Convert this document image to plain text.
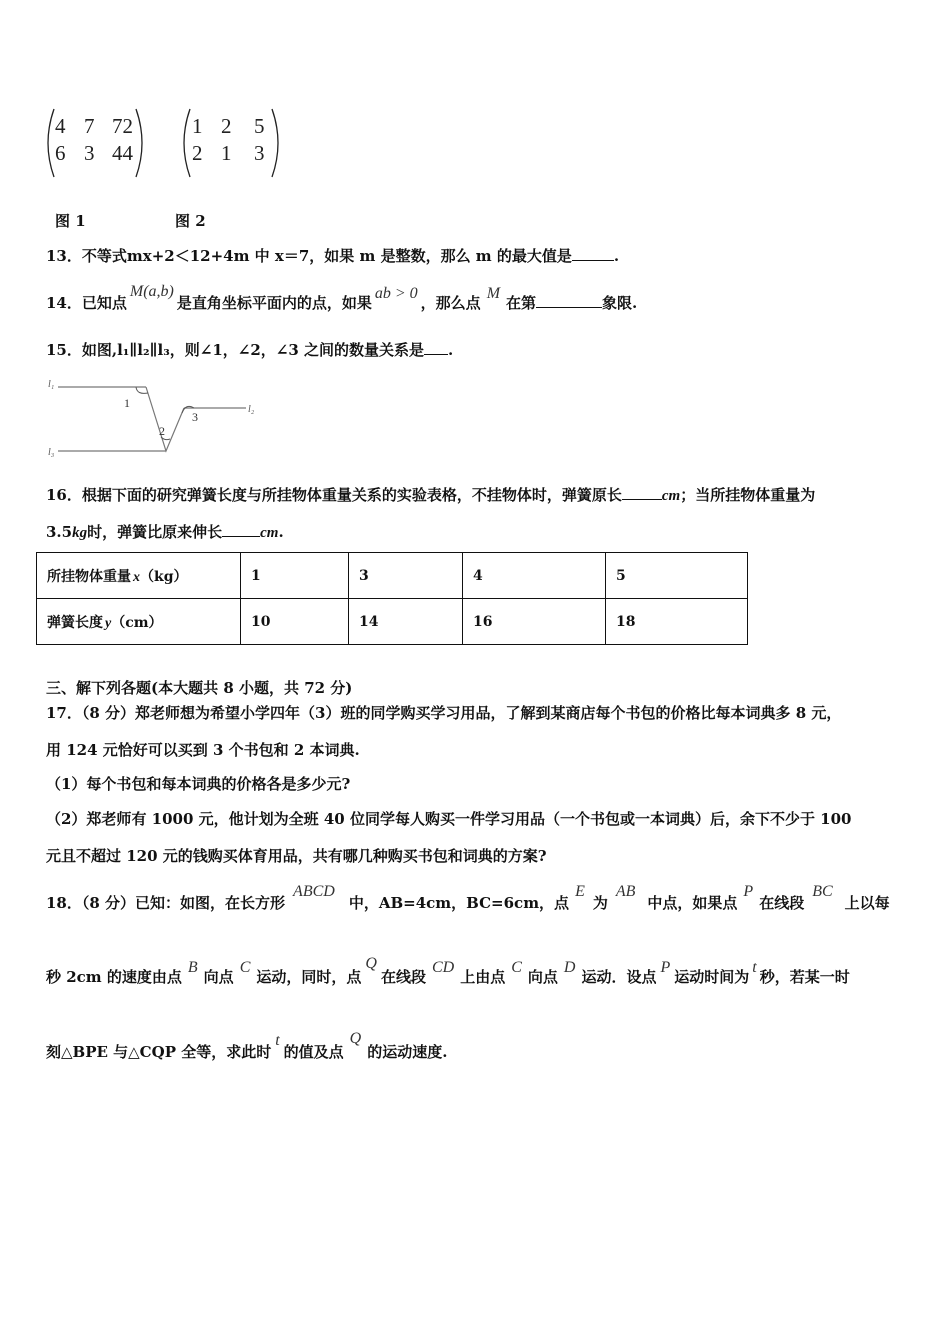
4 7 72
6 3 44
1 2 5
2 1 3
图 1	图 2
13．不等式mx+2＜12+4m 中 x＝7，如果 m 是整数，那么 m 的最大值是	.
14．已知点M(a,b)是直角坐标平面内的点，如果ab > 0，那么点M在第	象限.
15．如图,l₁∥l₂∥l₃，则∠1，∠2，∠3 之间的数量关系是 .
l₁
l₂
l₃
1
2
3
16．根据下面的研究弹簧长度与所挂物体重量关系的实验表格，不挂物体时，弹簧原长	cm；当所挂物体重量为
3.5kg时，弹簧比原来伸长	cm.
所挂物体重量 x（kg）	1	3	4	5
弹簧长度 y（cm）	10	14	16	18
三、解下列各题(本大题共 8 小题，共 72 分)
17．（8 分）郑老师想为希望小学四年（3）班的同学购买学习用品，了解到某商店每个书包的价格比每本词典多 8 元，
用 124 元恰好可以买到 3 个书包和 2 本词典.
（1）每个书包和每本词典的价格各是多少元?
（2）郑老师有 1000 元，他计划为全班 40 位同学每人购买一件学习用品（一个书包或一本词典）后，余下不少于 100
元且不超过 120 元的钱购买体育用品，共有哪几种购买书包和词典的方案?
18．（8 分）已知：如图，在长方形ABCD中，AB=4cm，BC=6cm，点E为AB中点，如果点P在线段BC上以每
秒 2cm 的速度由点B向点C运动，同时，点Q在线段CD上由点C向点D运动．设点P运动时间为t秒，若某一时
刻△BPE 与△CQP 全等，求此时t的值及点Q的运动速度.
